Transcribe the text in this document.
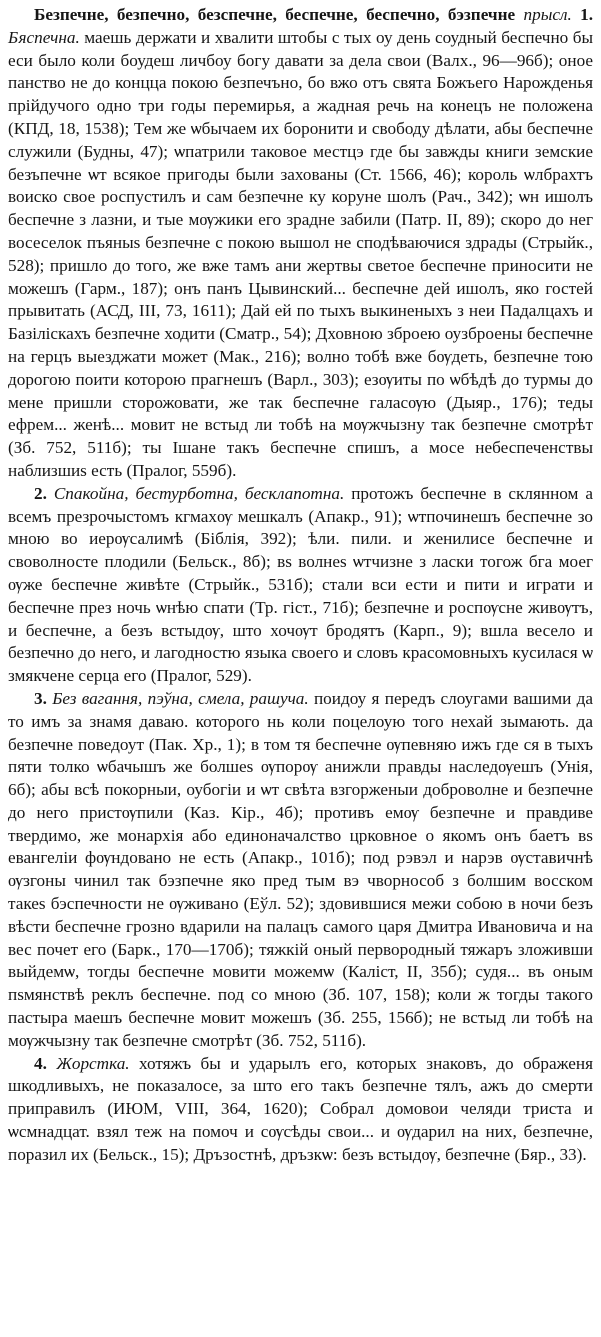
Безпечне, безпечно, безспечне, беспечне, беспечно, бэзпечне прысл. 1. Бяспечна. маешь держати и хвалити штобы с тых оу день соудный беспечно бы еси было коли боудеш личбоу богу давати за дела свои (Валх., 96—96б); оное панство не до концца покою безпечъно, бо вжо отъ свята Божъего Нарожденья прійдучого одно три годы перемирья, а жадная речь на конецъ не положена (КПД, 18, 1538); Тем же ѡбычаем их боронити и свободу дѣлати, абы беспечне служили (Будны, 47); ѡпатрили таковое местцэ где бы завжды книги земские безъпечне ѡт всякое пригоды были захованы (Ст. 1566, 46); король ѡлбрахтъ воиско свое роспустилъ и сам безпечне ку коруне шолъ (Рач., 342); ѡн ишолъ беспечне з лазни, и тые мѹжики его зрадне забили (Патр. II, 89); скоро до нег восеселок пъяныѕ безпечне с покою вышол не сподѣваючися здрады (Стрыйк., 528); пришло до того, же вже тамъ ани жертвы светое беспечне приносити не можешъ (Гарм., 187); онъ панъ Цывинский... беспечне дей ишолъ, яко гостей прывитать (АСД, III, 73, 1611); Дай ей по тыхъ выкиненыхъ з неи Падалцахъ и Базілiскахъ безпечне ходити (Сматр., 54); Дховною зброею оузброены беспечне на герцъ выезджати может (Мак., 216); волно тобѣ вже бѹдеть, безпечне тою дорогою поити которою прагнешъ (Варл., 303); езѹиты по ѡбѣдѣ до турмы до мене пришли сторожовати, же так беспечне галасѹю (Дыяр., 176); теды ефрем... женѣ... мовит не встыд ли тобѣ на мѹжчызну так безпечне смотрѣт (Зб. 752, 511б); ты Ішане такъ беспечне спишъ, а мосе небеспеченствы наблизшиѕ есть (Пралог, 559б).

2. Спакойна, бестурботна, бесклапотна. протожъ беспечне в склянном а всемъ презрочыстомъ кгмахѹ мешкалъ (Апакр., 91); ѡтпочинешъ беспечне зо мною во иерѹсалимѣ (Біблія, 392); ѣли. пили. и женилисе беспечне и своволносте плодили (Бельск., 8б); вѕ волнеѕ ѡтчизне з ласки тогож бга моег ѹже беспечне живѣте (Стрыйк., 531б); стали вси ести и пити и играти и беспечне през ночь ѡнѣю спати (Тр. гіст., 71б); безпечне и роспѹсне живѹтъ, и беспечне, а безъ встыдѹ, што хочѹт бродятъ (Карп., 9); вшла весело и безпечно до него, и лагодностю языка своего и словъ красомовныхъ кусилася ѡ змякчене серца его (Пралог, 529).

3. Без вагання, пэўна, смела, рашуча. поидоу я передъ слоугами вашими да то имъ за знамя даваю. которого нь коли поцелоую того нехай зымають. да безпечне поведоут (Пак. Хр., 1); в том тя беспечне ѹпевняю ижъ где ся в тыхъ пяти толко ѡбачышъ же болшеѕ ѹпорѹ анижли правды наследѹешъ (Унія, 6б); абы всѣ покорныи, оубогіи и ѡт свѣта взгорженыи доброволне и безпечне до него пристѹпили (Каз. Кір., 4б); противъ емѹ безпечне и правдиве твердимо, же монархія або единоначалство црковное о якомъ онъ баетъ вѕ евангеліи фѹндовано не есть (Апакр., 101б); под рэвэл и нарэв ѹставичнѣ ѹзгоны чинил так бэзпечне яко пред тым вэ чворнособ з болшим восском такеѕ бэспечности не ѹживано (Еўл. 52); здовившися межи собою в ночи безъ вѣсти беспечне грозно вдарили на палацъ самого царя Дмитра Ивановича и на вес почет его (Барк., 170—170б); тяжкій оный первородный тяжаръ зложивши выйдемѡ, тогды беспечне мовити можемѡ (Каліст, II, 35б); судя... въ оным пѕмянствѣ реклъ беспечне. под со мною (Зб. 107, 158); коли ж тогды такого пастыра маешъ беспечне мовит можешъ (Зб. 255, 156б); не встыд ли тобѣ на мѹжчызну так безпечне смотрѣт (Зб. 752, 511б).

4. Жорстка. хотяжъ бы и ударылъ его, которых знаковъ, до ображеня шкодливыхъ, не показалосе, за што его такъ безпечне тялъ, ажъ до смерти приправилъ (ИЮМ, VIII, 364, 1620); Собрал домовои челяди триста и ѡсмнадцат. взял теж на помоч и сѹсѣды свои... и ѹдарил на них, безпечне, поразил их (Бельск., 15); Дръзостнѣ, дръзкѡ: безъ встыдѹ, безпечне (Бяр., 33).
